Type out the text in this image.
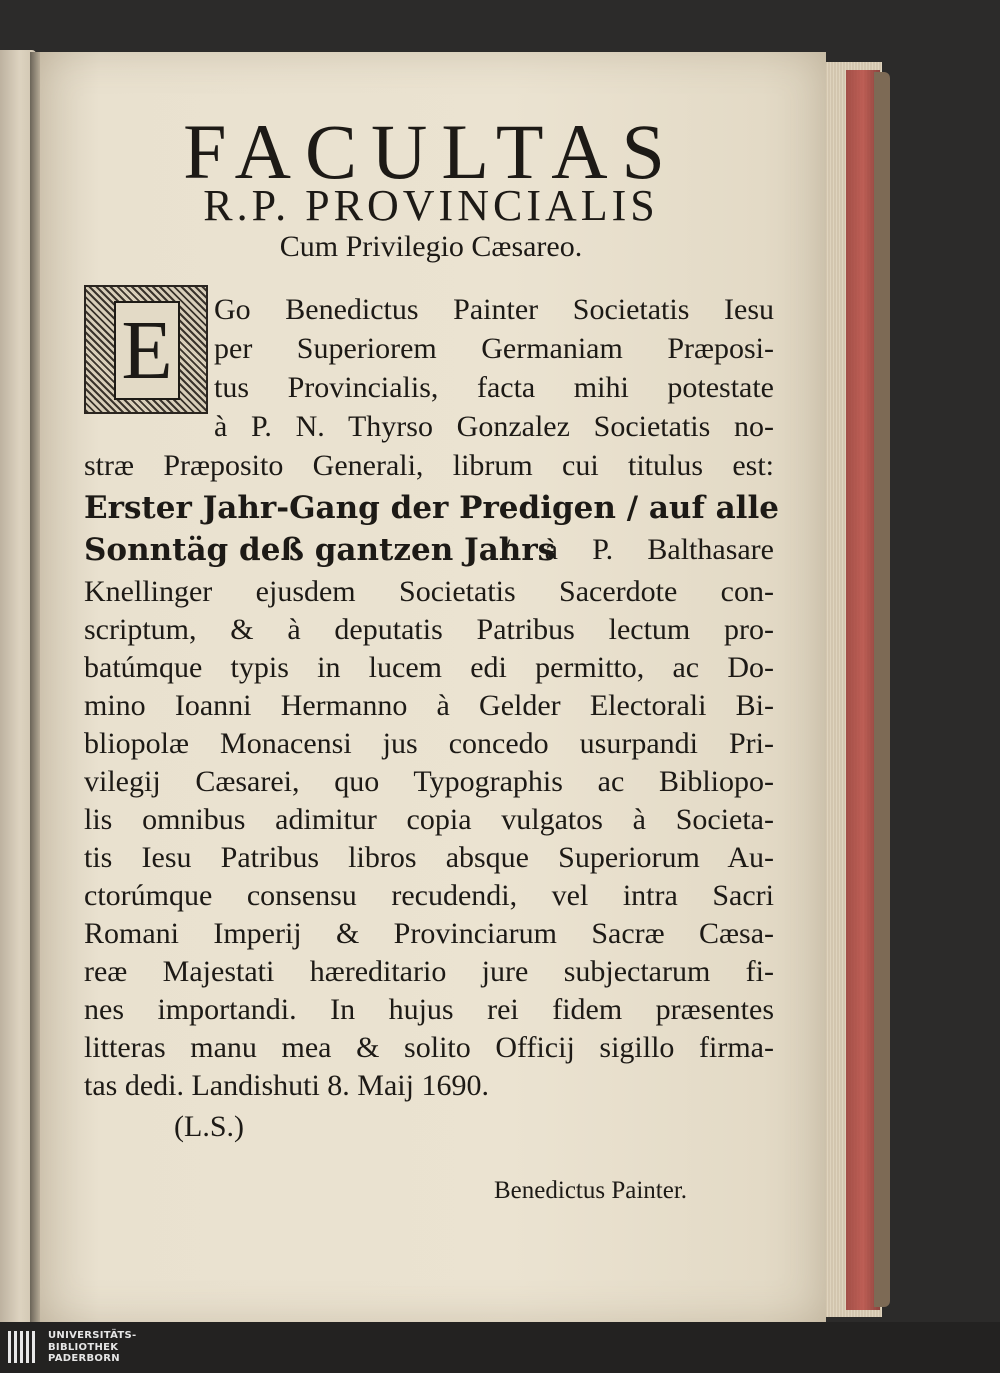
FACULTAS
R.P. PROVINCIALIS
Cum Privilegio Cæsareo.
E Go Benedictus Painter Societatis Iesu

per Superiorem Germaniam Præposi-

tus Provincialis, facta mihi potestate

à P. N. Thyrso Gonzalez Societatis no-

stræ Præposito Generali, librum cui titulus est:

Erster Jahr-Gang der Predigen / auf alle

Sonntäg deß gantzen Jahrs

/ à P. Balthasare

Knellinger ejusdem Societatis Sacerdote con-

scriptum, & à deputatis Patribus lectum pro-

batúmque typis in lucem edi permitto, ac Do-

mino Ioanni Hermanno à Gelder Electorali Bi-

bliopolæ Monacensi jus concedo usurpandi Pri-

vilegij Cæsarei, quo Typographis ac Bibliopo-

lis omnibus adimitur copia vulgatos à Societa-

tis Iesu Patribus libros absque Superiorum Au-

ctorúmque consensu recudendi, vel intra Sacri

Romani Imperij & Provinciarum Sacræ Cæsa-

reæ Majestati hæreditario jure subjectarum fi-

nes importandi. In hujus rei fidem præsentes

litteras manu mea & solito Officij sigillo firma-

tas dedi. Landishuti 8. Maij 1690.

(L.S.)
Benedictus Painter.
UNIVERSITÄTS-
BIBLIOTHEK
PADERBORN
